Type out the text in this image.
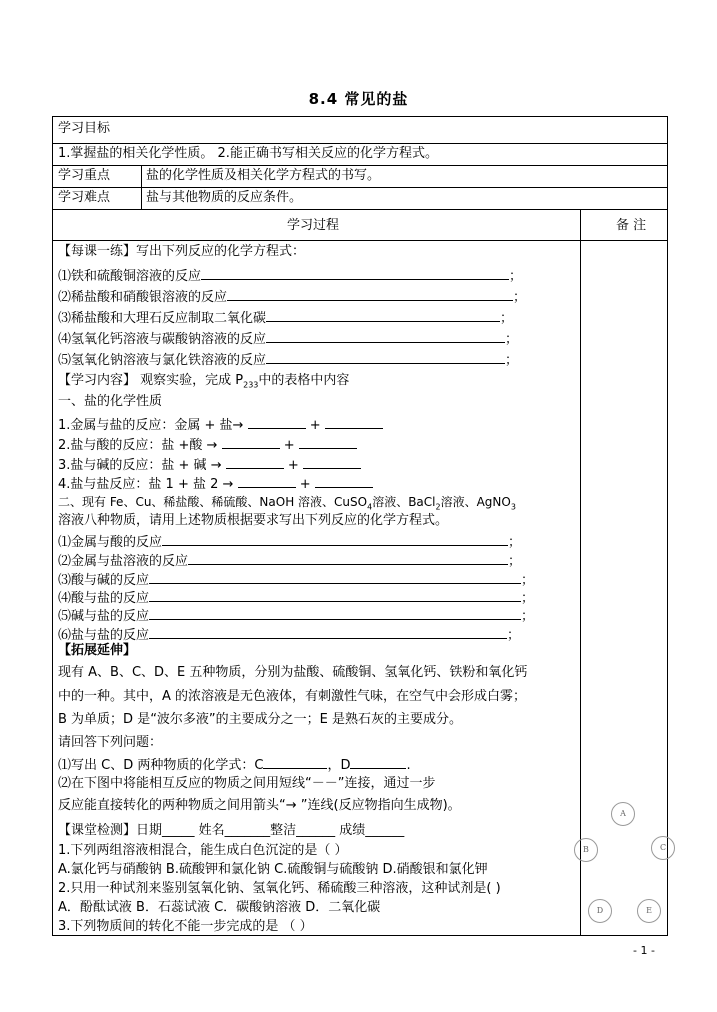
8.4 常见的盐
学习目标
1.掌握盐的相关化学性质。 2.能正确书写相关反应的化学方程式。
学习重点	盐的化学性质及相关化学方程式的书写。
学习难点	盐与其他物质的反应条件。
学习过程	备 注
【每课一练】写出下列反应的化学方程式：
⑴铁和硫酸铜溶液的反应	；
⑵稀盐酸和硝酸银溶液的反应	；
⑶稀盐酸和大理石反应制取二氧化碳	；
⑷氢氧化钙溶液与碳酸钠溶液的反应	；
⑸氢氧化钠溶液与氯化铁溶液的反应	；
【学习内容】 观察实验，完成 $P_{233}$中的表格中内容
一、盐的化学性质
1.金属与盐的反应：金属 + 盐→	+
2.盐与酸的反应：盐 +酸 →	+
3.盐与碱的反应：盐 + 碱 →	+
4.盐与盐反应：盐 1 + 盐 2 →	+
二、现有 Fe、Cu、稀盐酸、稀硫酸、NaOH 溶液、CuSO$_4$溶液、BaCl$_2$溶液、AgNO$_3$
溶液八种物质，请用上述物质根据要求写出下列反应的化学方程式。
⑴金属与酸的反应	；
⑵金属与盐溶液的反应	；
⑶酸与碱的反应	；
⑷酸与盐的反应	；
⑸碱与盐的反应	；
⑹盐与盐的反应	；
【拓展延伸】
现有 A、B、C、D、E 五种物质，分别为盐酸、硫酸铜、氢氧化钙、铁粉和氧化钙
中的一种。其中，A 的浓溶液是无色液体，有刺激性气味，在空气中会形成白雾；
B 为单质；D 是“波尔多液”的主要成分之一；E 是熟石灰的主要成分。
请回答下列问题：
⑴写出 C、D 两种物质的化学式：C	，D	.
⑵在下图中将能相互反应的物质之间用短线“－－”连接，通过一步
反应能直接转化的两种物质之间用箭头“→ ”连线(反应物指向生成物)。
【课堂检测】日期_____ 姓名_______整洁______ 成绩______
1.下列两组溶液相混合，能生成白色沉淀的是（ ）
A.氯化钙与硝酸钠 B.硫酸钾和氯化钠 C.硫酸铜与硫酸钠 D.硝酸银和氯化钾
2.只用一种试剂来鉴别氢氧化钠、氢氧化钙、稀硫酸三种溶液，这种试剂是( )
A．酚酞试液 B．石蕊试液 C．碳酸钠溶液 D．二氧化碳
3.下列物质间的转化不能一步完成的是 （ ）
A
B	C
D	E
- 1 -
